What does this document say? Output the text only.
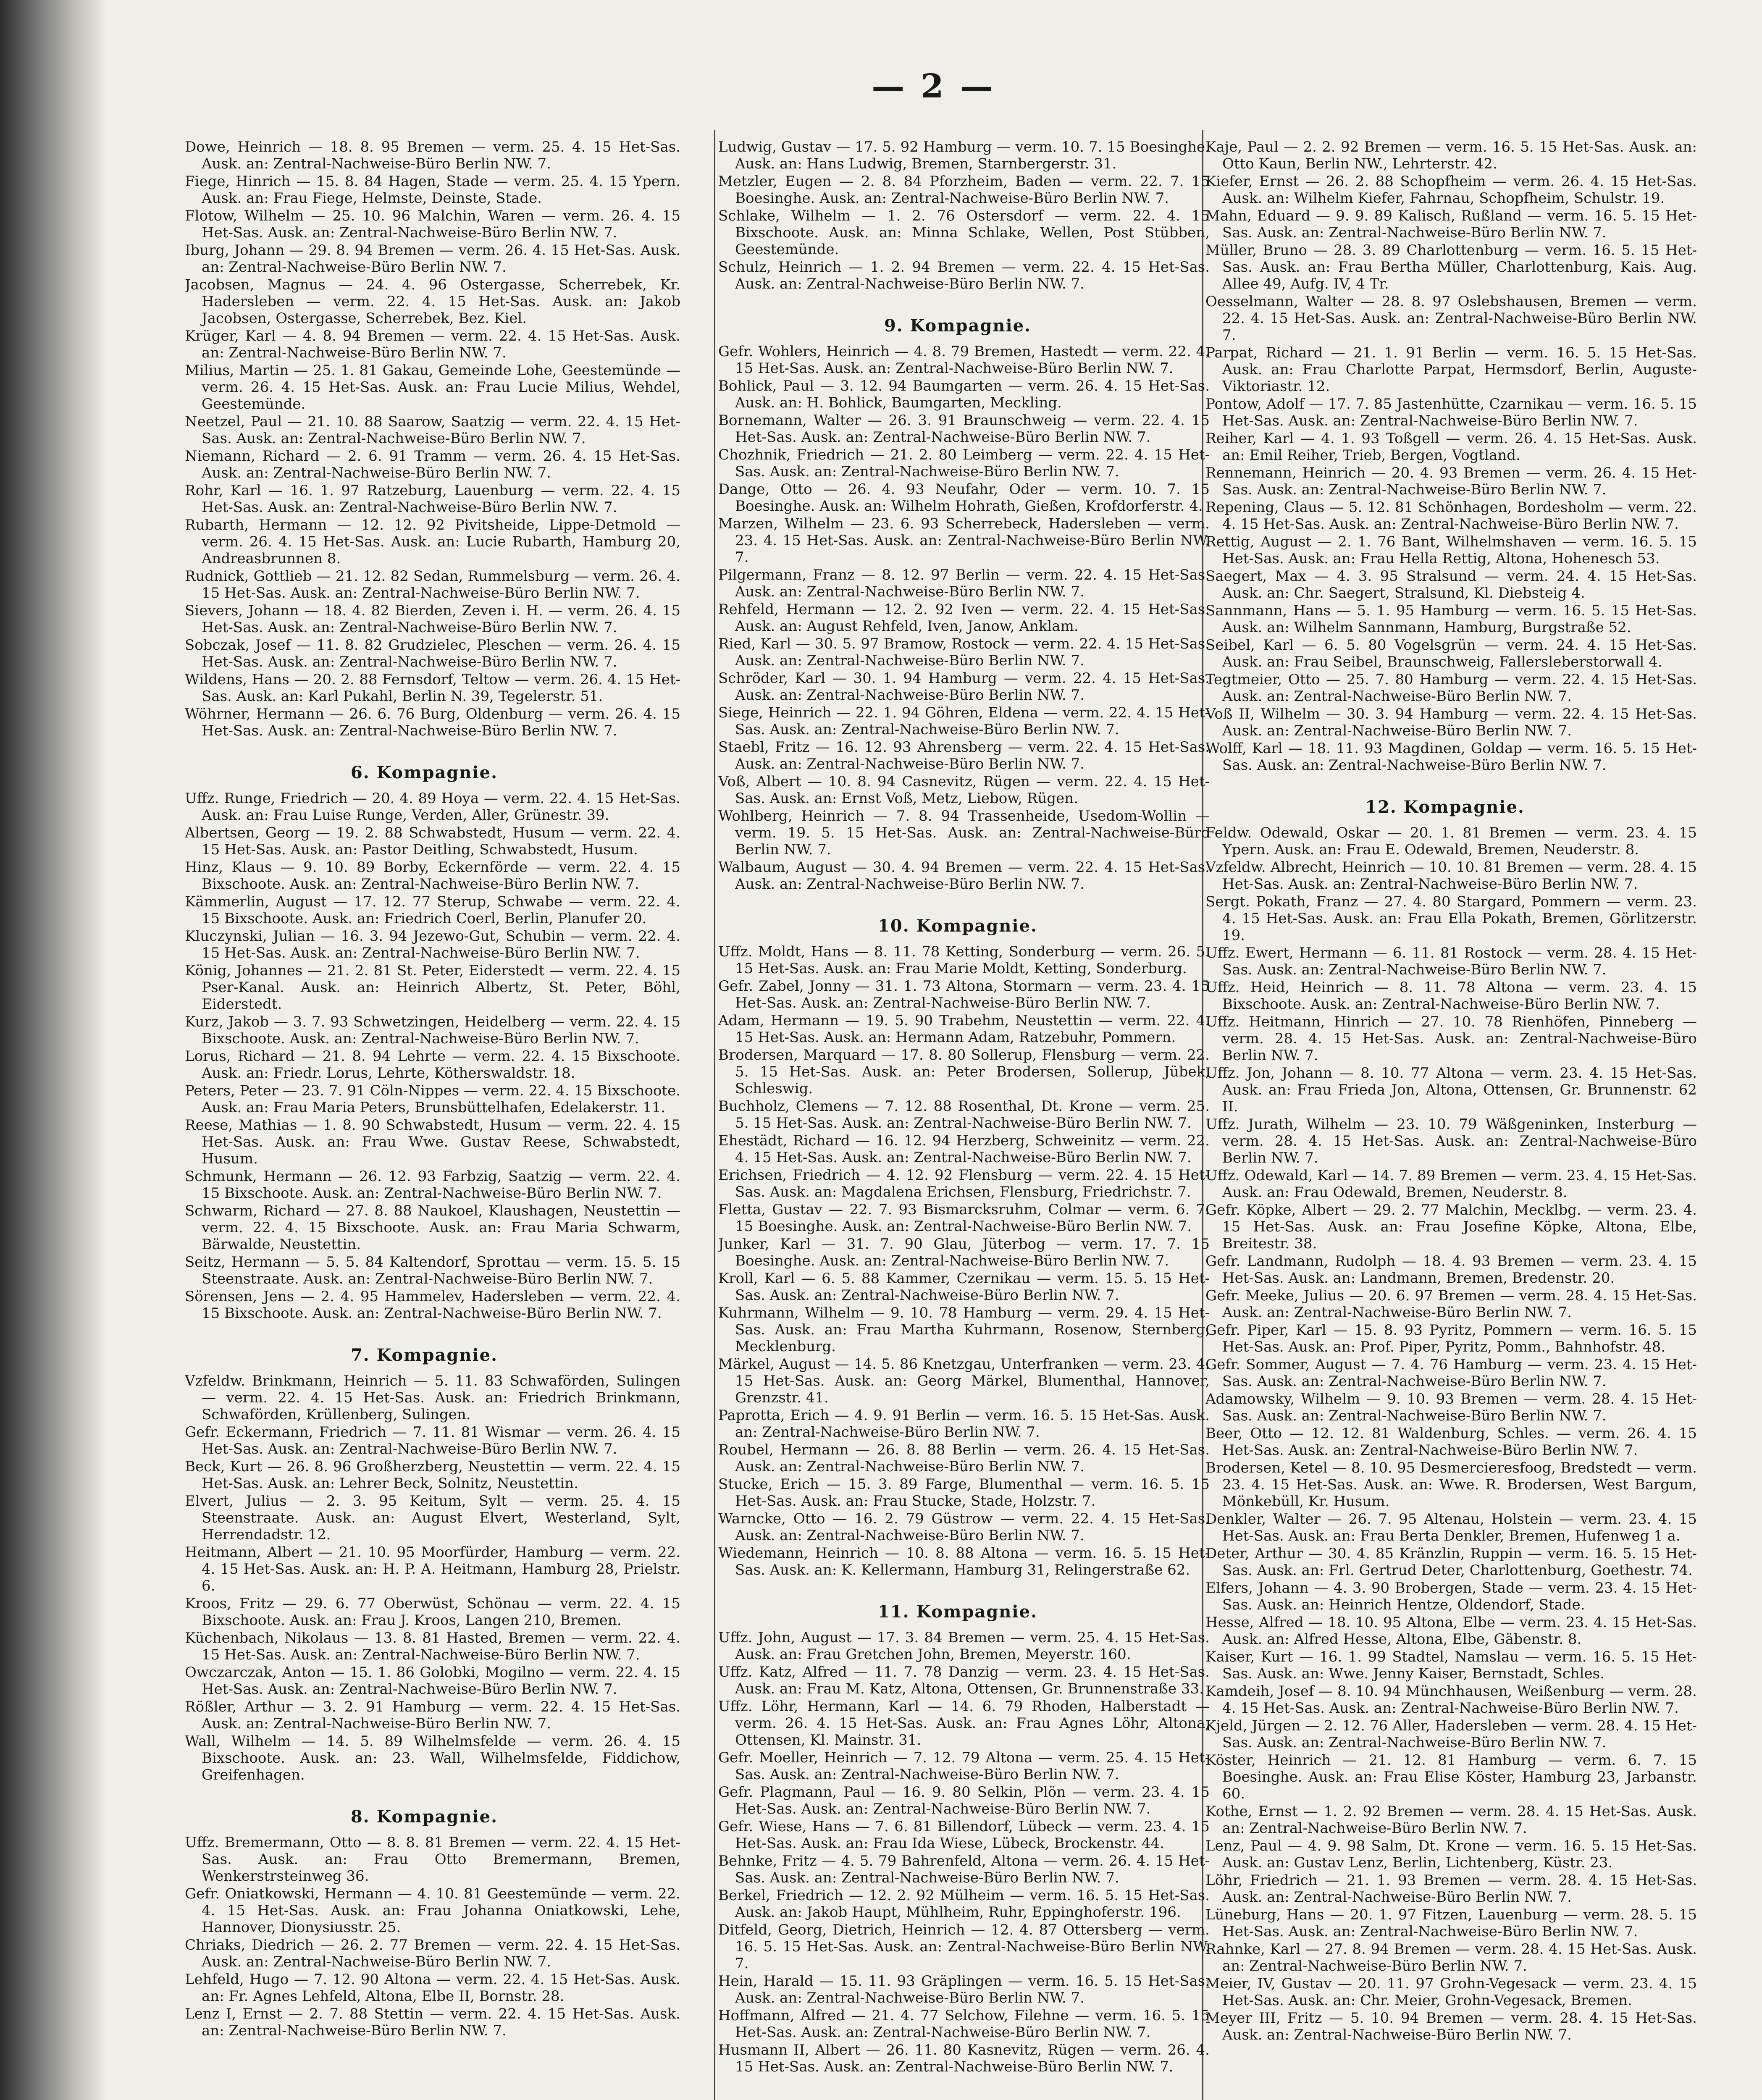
— 2 —
Dowe, Heinrich — 18. 8. 95 Bremen — verm. 25. 4. 15 Het-Sas. Ausk. an: Zentral-Nachweise-Büro Berlin NW. 7.
Fiege, Hinrich — 15. 8. 84 Hagen, Stade — verm. 25. 4. 15 Ypern. Ausk. an: Frau Fiege, Helmste, Deinste, Stade.
Flotow, Wilhelm — 25. 10. 96 Malchin, Waren — verm. 26. 4. 15 Het-Sas. Ausk. an: Zentral-Nachweise-Büro Berlin NW. 7.
Iburg, Johann — 29. 8. 94 Bremen — verm. 26. 4. 15 Het-Sas. Ausk. an: Zentral-Nachweise-Büro Berlin NW. 7.
Jacobsen, Magnus — 24. 4. 96 Ostergasse, Scherrebek, Kr. Hadersleben — verm. 22. 4. 15 Het-Sas. Ausk. an: Jakob Jacobsen, Ostergasse, Scherrebek, Bez. Kiel.
Krüger, Karl — 4. 8. 94 Bremen — verm. 22. 4. 15 Het-Sas. Ausk. an: Zentral-Nachweise-Büro Berlin NW. 7.
Milius, Martin — 25. 1. 81 Gakau, Gemeinde Lohe, Geestemünde — verm. 26. 4. 15 Het-Sas. Ausk. an: Frau Lucie Milius, Wehdel, Geestemünde.
Neetzel, Paul — 21. 10. 88 Saarow, Saatzig — verm. 22. 4. 15 Het-Sas. Ausk. an: Zentral-Nachweise-Büro Berlin NW. 7.
Niemann, Richard — 2. 6. 91 Tramm — verm. 26. 4. 15 Het-Sas. Ausk. an: Zentral-Nachweise-Büro Berlin NW. 7.
Rohr, Karl — 16. 1. 97 Ratzeburg, Lauenburg — verm. 22. 4. 15 Het-Sas. Ausk. an: Zentral-Nachweise-Büro Berlin NW. 7.
Rubarth, Hermann — 12. 12. 92 Pivitsheide, Lippe-Detmold — verm. 26. 4. 15 Het-Sas. Ausk. an: Lucie Rubarth, Hamburg 20, Andreasbrunnen 8.
Rudnick, Gottlieb — 21. 12. 82 Sedan, Rummelsburg — verm. 26. 4. 15 Het-Sas. Ausk. an: Zentral-Nachweise-Büro Berlin NW. 7.
Sievers, Johann — 18. 4. 82 Bierden, Zeven i. H. — verm. 26. 4. 15 Het-Sas. Ausk. an: Zentral-Nachweise-Büro Berlin NW. 7.
Sobczak, Josef — 11. 8. 82 Grudzielec, Pleschen — verm. 26. 4. 15 Het-Sas. Ausk. an: Zentral-Nachweise-Büro Berlin NW. 7.
Wildens, Hans — 20. 2. 88 Fernsdorf, Teltow — verm. 26. 4. 15 Het-Sas. Ausk. an: Karl Pukahl, Berlin N. 39, Tegelerstr. 51.
Wöhrner, Hermann — 26. 6. 76 Burg, Oldenburg — verm. 26. 4. 15 Het-Sas. Ausk. an: Zentral-Nachweise-Büro Berlin NW. 7.
6. Kompagnie.
Uffz. Runge, Friedrich — 20. 4. 89 Hoya — verm. 22. 4. 15 Het-Sas. Ausk. an: Frau Luise Runge, Verden, Aller, Grünestr. 39.
Albertsen, Georg — 19. 2. 88 Schwabstedt, Husum — verm. 22. 4. 15 Het-Sas. Ausk. an: Pastor Deitling, Schwabstedt, Husum.
Hinz, Klaus — 9. 10. 89 Borby, Eckernförde — verm. 22. 4. 15 Bixschoote. Ausk. an: Zentral-Nachweise-Büro Berlin NW. 7.
Kämmerlin, August — 17. 12. 77 Sterup, Schwabe — verm. 22. 4. 15 Bixschoote. Ausk. an: Friedrich Coerl, Berlin, Planufer 20.
Kluczynski, Julian — 16. 3. 94 Jezewo-Gut, Schubin — verm. 22. 4. 15 Het-Sas. Ausk. an: Zentral-Nachweise-Büro Berlin NW. 7.
König, Johannes — 21. 2. 81 St. Peter, Eiderstedt — verm. 22. 4. 15 Pser-Kanal. Ausk. an: Heinrich Albertz, St. Peter, Böhl, Eiderstedt.
Kurz, Jakob — 3. 7. 93 Schwetzingen, Heidelberg — verm. 22. 4. 15 Bixschoote. Ausk. an: Zentral-Nachweise-Büro Berlin NW. 7.
Lorus, Richard — 21. 8. 94 Lehrte — verm. 22. 4. 15 Bixschoote. Ausk. an: Friedr. Lorus, Lehrte, Kötherswaldstr. 18.
Peters, Peter — 23. 7. 91 Cöln-Nippes — verm. 22. 4. 15 Bixschoote. Ausk. an: Frau Maria Peters, Brunsbüttelhafen, Edelakerstr. 11.
Reese, Mathias — 1. 8. 90 Schwabstedt, Husum — verm. 22. 4. 15 Het-Sas. Ausk. an: Frau Wwe. Gustav Reese, Schwabstedt, Husum.
Schmunk, Hermann — 26. 12. 93 Farbzig, Saatzig — verm. 22. 4. 15 Bixschoote. Ausk. an: Zentral-Nachweise-Büro Berlin NW. 7.
Schwarm, Richard — 27. 8. 88 Naukoel, Klaushagen, Neustettin — verm. 22. 4. 15 Bixschoote. Ausk. an: Frau Maria Schwarm, Bärwalde, Neustettin.
Seitz, Hermann — 5. 5. 84 Kaltendorf, Sprottau — verm. 15. 5. 15 Steenstraate. Ausk. an: Zentral-Nachweise-Büro Berlin NW. 7.
Sörensen, Jens — 2. 4. 95 Hammelev, Hadersleben — verm. 22. 4. 15 Bixschoote. Ausk. an: Zentral-Nachweise-Büro Berlin NW. 7.
7. Kompagnie.
Vzfeldw. Brinkmann, Heinrich — 5. 11. 83 Schwaförden, Sulingen — verm. 22. 4. 15 Het-Sas. Ausk. an: Friedrich Brinkmann, Schwaförden, Krüllenberg, Sulingen.
Gefr. Eckermann, Friedrich — 7. 11. 81 Wismar — verm. 26. 4. 15 Het-Sas. Ausk. an: Zentral-Nachweise-Büro Berlin NW. 7.
Beck, Kurt — 26. 8. 96 Großherzberg, Neustettin — verm. 22. 4. 15 Het-Sas. Ausk. an: Lehrer Beck, Solnitz, Neustettin.
Elvert, Julius — 2. 3. 95 Keitum, Sylt — verm. 25. 4. 15 Steenstraate. Ausk. an: August Elvert, Westerland, Sylt, Herrendadstr. 12.
Heitmann, Albert — 21. 10. 95 Moorfürder, Hamburg — verm. 22. 4. 15 Het-Sas. Ausk. an: H. P. A. Heitmann, Hamburg 28, Prielstr. 6.
Kroos, Fritz — 29. 6. 77 Oberwüst, Schönau — verm. 22. 4. 15 Bixschoote. Ausk. an: Frau J. Kroos, Langen 210, Bremen.
Küchenbach, Nikolaus — 13. 8. 81 Hasted, Bremen — verm. 22. 4. 15 Het-Sas. Ausk. an: Zentral-Nachweise-Büro Berlin NW. 7.
Owczarczak, Anton — 15. 1. 86 Golobki, Mogilno — verm. 22. 4. 15 Het-Sas. Ausk. an: Zentral-Nachweise-Büro Berlin NW. 7.
Rößler, Arthur — 3. 2. 91 Hamburg — verm. 22. 4. 15 Het-Sas. Ausk. an: Zentral-Nachweise-Büro Berlin NW. 7.
Wall, Wilhelm — 14. 5. 89 Wilhelmsfelde — verm. 26. 4. 15 Bixschoote. Ausk. an: 23. Wall, Wilhelmsfelde, Fiddichow, Greifenhagen.
8. Kompagnie.
Uffz. Bremermann, Otto — 8. 8. 81 Bremen — verm. 22. 4. 15 Het-Sas. Ausk. an: Frau Otto Bremermann, Bremen, Wenkerstrsteinweg 36.
Gefr. Oniatkowski, Hermann — 4. 10. 81 Geestemünde — verm. 22. 4. 15 Het-Sas. Ausk. an: Frau Johanna Oniatkowski, Lehe, Hannover, Dionysiusstr. 25.
Chriaks, Diedrich — 26. 2. 77 Bremen — verm. 22. 4. 15 Het-Sas. Ausk. an: Zentral-Nachweise-Büro Berlin NW. 7.
Lehfeld, Hugo — 7. 12. 90 Altona — verm. 22. 4. 15 Het-Sas. Ausk. an: Fr. Agnes Lehfeld, Altona, Elbe II, Bornstr. 28.
Lenz I, Ernst — 2. 7. 88 Stettin — verm. 22. 4. 15 Het-Sas. Ausk. an: Zentral-Nachweise-Büro Berlin NW. 7.
Ludwig, Gustav — 17. 5. 92 Hamburg — verm. 10. 7. 15 Boesinghe. Ausk. an: Hans Ludwig, Bremen, Starnbergerstr. 31.
Metzler, Eugen — 2. 8. 84 Pforzheim, Baden — verm. 22. 7. 15 Boesinghe. Ausk. an: Zentral-Nachweise-Büro Berlin NW. 7.
Schlake, Wilhelm — 1. 2. 76 Ostersdorf — verm. 22. 4. 15 Bixschoote. Ausk. an: Minna Schlake, Wellen, Post Stübben, Geestemünde.
Schulz, Heinrich — 1. 2. 94 Bremen — verm. 22. 4. 15 Het-Sas. Ausk. an: Zentral-Nachweise-Büro Berlin NW. 7.
9. Kompagnie.
Gefr. Wohlers, Heinrich — 4. 8. 79 Bremen, Hastedt — verm. 22. 4. 15 Het-Sas. Ausk. an: Zentral-Nachweise-Büro Berlin NW. 7.
Bohlick, Paul — 3. 12. 94 Baumgarten — verm. 26. 4. 15 Het-Sas. Ausk. an: H. Bohlick, Baumgarten, Meckling.
Bornemann, Walter — 26. 3. 91 Braunschweig — verm. 22. 4. 15 Het-Sas. Ausk. an: Zentral-Nachweise-Büro Berlin NW. 7.
Chozhnik, Friedrich — 21. 2. 80 Leimberg — verm. 22. 4. 15 Het-Sas. Ausk. an: Zentral-Nachweise-Büro Berlin NW. 7.
Dange, Otto — 26. 4. 93 Neufahr, Oder — verm. 10. 7. 15 Boesinghe. Ausk. an: Wilhelm Hohrath, Gießen, Krofdorferstr. 4.
Marzen, Wilhelm — 23. 6. 93 Scherrebeck, Hadersleben — verm. 23. 4. 15 Het-Sas. Ausk. an: Zentral-Nachweise-Büro Berlin NW. 7.
Pilgermann, Franz — 8. 12. 97 Berlin — verm. 22. 4. 15 Het-Sas. Ausk. an: Zentral-Nachweise-Büro Berlin NW. 7.
Rehfeld, Hermann — 12. 2. 92 Iven — verm. 22. 4. 15 Het-Sas. Ausk. an: August Rehfeld, Iven, Janow, Anklam.
Ried, Karl — 30. 5. 97 Bramow, Rostock — verm. 22. 4. 15 Het-Sas. Ausk. an: Zentral-Nachweise-Büro Berlin NW. 7.
Schröder, Karl — 30. 1. 94 Hamburg — verm. 22. 4. 15 Het-Sas. Ausk. an: Zentral-Nachweise-Büro Berlin NW. 7.
Siege, Heinrich — 22. 1. 94 Göhren, Eldena — verm. 22. 4. 15 Het-Sas. Ausk. an: Zentral-Nachweise-Büro Berlin NW. 7.
Staebl, Fritz — 16. 12. 93 Ahrensberg — verm. 22. 4. 15 Het-Sas. Ausk. an: Zentral-Nachweise-Büro Berlin NW. 7.
Voß, Albert — 10. 8. 94 Casnevitz, Rügen — verm. 22. 4. 15 Het-Sas. Ausk. an: Ernst Voß, Metz, Liebow, Rügen.
Wohlberg, Heinrich — 7. 8. 94 Trassenheide, Usedom-Wollin — verm. 19. 5. 15 Het-Sas. Ausk. an: Zentral-Nachweise-Büro Berlin NW. 7.
Walbaum, August — 30. 4. 94 Bremen — verm. 22. 4. 15 Het-Sas. Ausk. an: Zentral-Nachweise-Büro Berlin NW. 7.
10. Kompagnie.
Uffz. Moldt, Hans — 8. 11. 78 Ketting, Sonderburg — verm. 26. 5. 15 Het-Sas. Ausk. an: Frau Marie Moldt, Ketting, Sonderburg.
Gefr. Zabel, Jonny — 31. 1. 73 Altona, Stormarn — verm. 23. 4. 15 Het-Sas. Ausk. an: Zentral-Nachweise-Büro Berlin NW. 7.
Adam, Hermann — 19. 5. 90 Trabehm, Neustettin — verm. 22. 4. 15 Het-Sas. Ausk. an: Hermann Adam, Ratzebuhr, Pommern.
Brodersen, Marquard — 17. 8. 80 Sollerup, Flensburg — verm. 22. 5. 15 Het-Sas. Ausk. an: Peter Brodersen, Sollerup, Jübek, Schleswig.
Buchholz, Clemens — 7. 12. 88 Rosenthal, Dt. Krone — verm. 25. 5. 15 Het-Sas. Ausk. an: Zentral-Nachweise-Büro Berlin NW. 7.
Ehestädt, Richard — 16. 12. 94 Herzberg, Schweinitz — verm. 22. 4. 15 Het-Sas. Ausk. an: Zentral-Nachweise-Büro Berlin NW. 7.
Erichsen, Friedrich — 4. 12. 92 Flensburg — verm. 22. 4. 15 Het-Sas. Ausk. an: Magdalena Erichsen, Flensburg, Friedrichstr. 7.
Fletta, Gustav — 22. 7. 93 Bismarcksruhm, Colmar — verm. 6. 7. 15 Boesinghe. Ausk. an: Zentral-Nachweise-Büro Berlin NW. 7.
Junker, Karl — 31. 7. 90 Glau, Jüterbog — verm. 17. 7. 15 Boesinghe. Ausk. an: Zentral-Nachweise-Büro Berlin NW. 7.
Kroll, Karl — 6. 5. 88 Kammer, Czernikau — verm. 15. 5. 15 Het-Sas. Ausk. an: Zentral-Nachweise-Büro Berlin NW. 7.
Kuhrmann, Wilhelm — 9. 10. 78 Hamburg — verm. 29. 4. 15 Het-Sas. Ausk. an: Frau Martha Kuhrmann, Rosenow, Sternberg, Mecklenburg.
Märkel, August — 14. 5. 86 Knetzgau, Unterfranken — verm. 23. 4. 15 Het-Sas. Ausk. an: Georg Märkel, Blumenthal, Hannover, Grenzstr. 41.
Paprotta, Erich — 4. 9. 91 Berlin — verm. 16. 5. 15 Het-Sas. Ausk. an: Zentral-Nachweise-Büro Berlin NW. 7.
Roubel, Hermann — 26. 8. 88 Berlin — verm. 26. 4. 15 Het-Sas. Ausk. an: Zentral-Nachweise-Büro Berlin NW. 7.
Stucke, Erich — 15. 3. 89 Farge, Blumenthal — verm. 16. 5. 15 Het-Sas. Ausk. an: Frau Stucke, Stade, Holzstr. 7.
Warncke, Otto — 16. 2. 79 Güstrow — verm. 22. 4. 15 Het-Sas. Ausk. an: Zentral-Nachweise-Büro Berlin NW. 7.
Wiedemann, Heinrich — 10. 8. 88 Altona — verm. 16. 5. 15 Het-Sas. Ausk. an: K. Kellermann, Hamburg 31, Relingerstraße 62.
11. Kompagnie.
Uffz. John, August — 17. 3. 84 Bremen — verm. 25. 4. 15 Het-Sas. Ausk. an: Frau Gretchen John, Bremen, Meyerstr. 160.
Uffz. Katz, Alfred — 11. 7. 78 Danzig — verm. 23. 4. 15 Het-Sas. Ausk. an: Frau M. Katz, Altona, Ottensen, Gr. Brunnenstraße 33.
Uffz. Löhr, Hermann, Karl — 14. 6. 79 Rhoden, Halberstadt — verm. 26. 4. 15 Het-Sas. Ausk. an: Frau Agnes Löhr, Altona, Ottensen, Kl. Mainstr. 31.
Gefr. Moeller, Heinrich — 7. 12. 79 Altona — verm. 25. 4. 15 Het-Sas. Ausk. an: Zentral-Nachweise-Büro Berlin NW. 7.
Gefr. Plagmann, Paul — 16. 9. 80 Selkin, Plön — verm. 23. 4. 15 Het-Sas. Ausk. an: Zentral-Nachweise-Büro Berlin NW. 7.
Gefr. Wiese, Hans — 7. 6. 81 Billendorf, Lübeck — verm. 23. 4. 15 Het-Sas. Ausk. an: Frau Ida Wiese, Lübeck, Brockenstr. 44.
Behnke, Fritz — 4. 5. 79 Bahrenfeld, Altona — verm. 26. 4. 15 Het-Sas. Ausk. an: Zentral-Nachweise-Büro Berlin NW. 7.
Berkel, Friedrich — 12. 2. 92 Mülheim — verm. 16. 5. 15 Het-Sas. Ausk. an: Jakob Haupt, Mühlheim, Ruhr, Eppinghoferstr. 196.
Ditfeld, Georg, Dietrich, Heinrich — 12. 4. 87 Ottersberg — verm. 16. 5. 15 Het-Sas. Ausk. an: Zentral-Nachweise-Büro Berlin NW. 7.
Hein, Harald — 15. 11. 93 Gräplingen — verm. 16. 5. 15 Het-Sas. Ausk. an: Zentral-Nachweise-Büro Berlin NW. 7.
Hoffmann, Alfred — 21. 4. 77 Selchow, Filehne — verm. 16. 5. 15 Het-Sas. Ausk. an: Zentral-Nachweise-Büro Berlin NW. 7.
Husmann II, Albert — 26. 11. 80 Kasnevitz, Rügen — verm. 26. 4. 15 Het-Sas. Ausk. an: Zentral-Nachweise-Büro Berlin NW. 7.
Kaje, Paul — 2. 2. 92 Bremen — verm. 16. 5. 15 Het-Sas. Ausk. an: Otto Kaun, Berlin NW., Lehrterstr. 42.
Kiefer, Ernst — 26. 2. 88 Schopfheim — verm. 26. 4. 15 Het-Sas. Ausk. an: Wilhelm Kiefer, Fahrnau, Schopfheim, Schulstr. 19.
Mahn, Eduard — 9. 9. 89 Kalisch, Rußland — verm. 16. 5. 15 Het-Sas. Ausk. an: Zentral-Nachweise-Büro Berlin NW. 7.
Müller, Bruno — 28. 3. 89 Charlottenburg — verm. 16. 5. 15 Het-Sas. Ausk. an: Frau Bertha Müller, Charlottenburg, Kais. Aug. Allee 49, Aufg. IV, 4 Tr.
Oesselmann, Walter — 28. 8. 97 Oslebshausen, Bremen — verm. 22. 4. 15 Het-Sas. Ausk. an: Zentral-Nachweise-Büro Berlin NW. 7.
Parpat, Richard — 21. 1. 91 Berlin — verm. 16. 5. 15 Het-Sas. Ausk. an: Frau Charlotte Parpat, Hermsdorf, Berlin, Auguste-Viktoriastr. 12.
Pontow, Adolf — 17. 7. 85 Jastenhütte, Czarnikau — verm. 16. 5. 15 Het-Sas. Ausk. an: Zentral-Nachweise-Büro Berlin NW. 7.
Reiher, Karl — 4. 1. 93 Toßgell — verm. 26. 4. 15 Het-Sas. Ausk. an: Emil Reiher, Trieb, Bergen, Vogtland.
Rennemann, Heinrich — 20. 4. 93 Bremen — verm. 26. 4. 15 Het-Sas. Ausk. an: Zentral-Nachweise-Büro Berlin NW. 7.
Repening, Claus — 5. 12. 81 Schönhagen, Bordesholm — verm. 22. 4. 15 Het-Sas. Ausk. an: Zentral-Nachweise-Büro Berlin NW. 7.
Rettig, August — 2. 1. 76 Bant, Wilhelmshaven — verm. 16. 5. 15 Het-Sas. Ausk. an: Frau Hella Rettig, Altona, Hohenesch 53.
Saegert, Max — 4. 3. 95 Stralsund — verm. 24. 4. 15 Het-Sas. Ausk. an: Chr. Saegert, Stralsund, Kl. Diebsteig 4.
Sannmann, Hans — 5. 1. 95 Hamburg — verm. 16. 5. 15 Het-Sas. Ausk. an: Wilhelm Sannmann, Hamburg, Burgstraße 52.
Seibel, Karl — 6. 5. 80 Vogelsgrün — verm. 24. 4. 15 Het-Sas. Ausk. an: Frau Seibel, Braunschweig, Fallersleberstorwall 4.
Tegtmeier, Otto — 25. 7. 80 Hamburg — verm. 22. 4. 15 Het-Sas. Ausk. an: Zentral-Nachweise-Büro Berlin NW. 7.
Voß II, Wilhelm — 30. 3. 94 Hamburg — verm. 22. 4. 15 Het-Sas. Ausk. an: Zentral-Nachweise-Büro Berlin NW. 7.
Wolff, Karl — 18. 11. 93 Magdinen, Goldap — verm. 16. 5. 15 Het-Sas. Ausk. an: Zentral-Nachweise-Büro Berlin NW. 7.
12. Kompagnie.
Feldw. Odewald, Oskar — 20. 1. 81 Bremen — verm. 23. 4. 15 Ypern. Ausk. an: Frau E. Odewald, Bremen, Neuderstr. 8.
Vzfeldw. Albrecht, Heinrich — 10. 10. 81 Bremen — verm. 28. 4. 15 Het-Sas. Ausk. an: Zentral-Nachweise-Büro Berlin NW. 7.
Sergt. Pokath, Franz — 27. 4. 80 Stargard, Pommern — verm. 23. 4. 15 Het-Sas. Ausk. an: Frau Ella Pokath, Bremen, Görlitzerstr. 19.
Uffz. Ewert, Hermann — 6. 11. 81 Rostock — verm. 28. 4. 15 Het-Sas. Ausk. an: Zentral-Nachweise-Büro Berlin NW. 7.
Uffz. Heid, Heinrich — 8. 11. 78 Altona — verm. 23. 4. 15 Bixschoote. Ausk. an: Zentral-Nachweise-Büro Berlin NW. 7.
Uffz. Heitmann, Hinrich — 27. 10. 78 Rienhöfen, Pinneberg — verm. 28. 4. 15 Het-Sas. Ausk. an: Zentral-Nachweise-Büro Berlin NW. 7.
Uffz. Jon, Johann — 8. 10. 77 Altona — verm. 23. 4. 15 Het-Sas. Ausk. an: Frau Frieda Jon, Altona, Ottensen, Gr. Brunnenstr. 62 II.
Uffz. Jurath, Wilhelm — 23. 10. 79 Wäßgeninken, Insterburg — verm. 28. 4. 15 Het-Sas. Ausk. an: Zentral-Nachweise-Büro Berlin NW. 7.
Uffz. Odewald, Karl — 14. 7. 89 Bremen — verm. 23. 4. 15 Het-Sas. Ausk. an: Frau Odewald, Bremen, Neuderstr. 8.
Gefr. Köpke, Albert — 29. 2. 77 Malchin, Mecklbg. — verm. 23. 4. 15 Het-Sas. Ausk. an: Frau Josefine Köpke, Altona, Elbe, Breitestr. 38.
Gefr. Landmann, Rudolph — 18. 4. 93 Bremen — verm. 23. 4. 15 Het-Sas. Ausk. an: Landmann, Bremen, Bredenstr. 20.
Gefr. Meeke, Julius — 20. 6. 97 Bremen — verm. 28. 4. 15 Het-Sas. Ausk. an: Zentral-Nachweise-Büro Berlin NW. 7.
Gefr. Piper, Karl — 15. 8. 93 Pyritz, Pommern — verm. 16. 5. 15 Het-Sas. Ausk. an: Prof. Piper, Pyritz, Pomm., Bahnhofstr. 48.
Gefr. Sommer, August — 7. 4. 76 Hamburg — verm. 23. 4. 15 Het-Sas. Ausk. an: Zentral-Nachweise-Büro Berlin NW. 7.
Adamowsky, Wilhelm — 9. 10. 93 Bremen — verm. 28. 4. 15 Het-Sas. Ausk. an: Zentral-Nachweise-Büro Berlin NW. 7.
Beer, Otto — 12. 12. 81 Waldenburg, Schles. — verm. 26. 4. 15 Het-Sas. Ausk. an: Zentral-Nachweise-Büro Berlin NW. 7.
Brodersen, Ketel — 8. 10. 95 Desmercieresfoog, Bredstedt — verm. 23. 4. 15 Het-Sas. Ausk. an: Wwe. R. Brodersen, West Bargum, Mönkebüll, Kr. Husum.
Denkler, Walter — 26. 7. 95 Altenau, Holstein — verm. 23. 4. 15 Het-Sas. Ausk. an: Frau Berta Denkler, Bremen, Hufenweg 1 a.
Deter, Arthur — 30. 4. 85 Kränzlin, Ruppin — verm. 16. 5. 15 Het-Sas. Ausk. an: Frl. Gertrud Deter, Charlottenburg, Goethestr. 74.
Elfers, Johann — 4. 3. 90 Brobergen, Stade — verm. 23. 4. 15 Het-Sas. Ausk. an: Heinrich Hentze, Oldendorf, Stade.
Hesse, Alfred — 18. 10. 95 Altona, Elbe — verm. 23. 4. 15 Het-Sas. Ausk. an: Alfred Hesse, Altona, Elbe, Gäbenstr. 8.
Kaiser, Kurt — 16. 1. 99 Stadtel, Namslau — verm. 16. 5. 15 Het-Sas. Ausk. an: Wwe. Jenny Kaiser, Bernstadt, Schles.
Kamdeih, Josef — 8. 10. 94 Münchhausen, Weißenburg — verm. 28. 4. 15 Het-Sas. Ausk. an: Zentral-Nachweise-Büro Berlin NW. 7.
Kjeld, Jürgen — 2. 12. 76 Aller, Hadersleben — verm. 28. 4. 15 Het-Sas. Ausk. an: Zentral-Nachweise-Büro Berlin NW. 7.
Köster, Heinrich — 21. 12. 81 Hamburg — verm. 6. 7. 15 Boesinghe. Ausk. an: Frau Elise Köster, Hamburg 23, Jarbanstr. 60.
Kothe, Ernst — 1. 2. 92 Bremen — verm. 28. 4. 15 Het-Sas. Ausk. an: Zentral-Nachweise-Büro Berlin NW. 7.
Lenz, Paul — 4. 9. 98 Salm, Dt. Krone — verm. 16. 5. 15 Het-Sas. Ausk. an: Gustav Lenz, Berlin, Lichtenberg, Küstr. 23.
Löhr, Friedrich — 21. 1. 93 Bremen — verm. 28. 4. 15 Het-Sas. Ausk. an: Zentral-Nachweise-Büro Berlin NW. 7.
Lüneburg, Hans — 20. 1. 97 Fitzen, Lauenburg — verm. 28. 5. 15 Het-Sas. Ausk. an: Zentral-Nachweise-Büro Berlin NW. 7.
Rahnke, Karl — 27. 8. 94 Bremen — verm. 28. 4. 15 Het-Sas. Ausk. an: Zentral-Nachweise-Büro Berlin NW. 7.
Meier, IV, Gustav — 20. 11. 97 Grohn-Vegesack — verm. 23. 4. 15 Het-Sas. Ausk. an: Chr. Meier, Grohn-Vegesack, Bremen.
Meyer III, Fritz — 5. 10. 94 Bremen — verm. 28. 4. 15 Het-Sas. Ausk. an: Zentral-Nachweise-Büro Berlin NW. 7.
